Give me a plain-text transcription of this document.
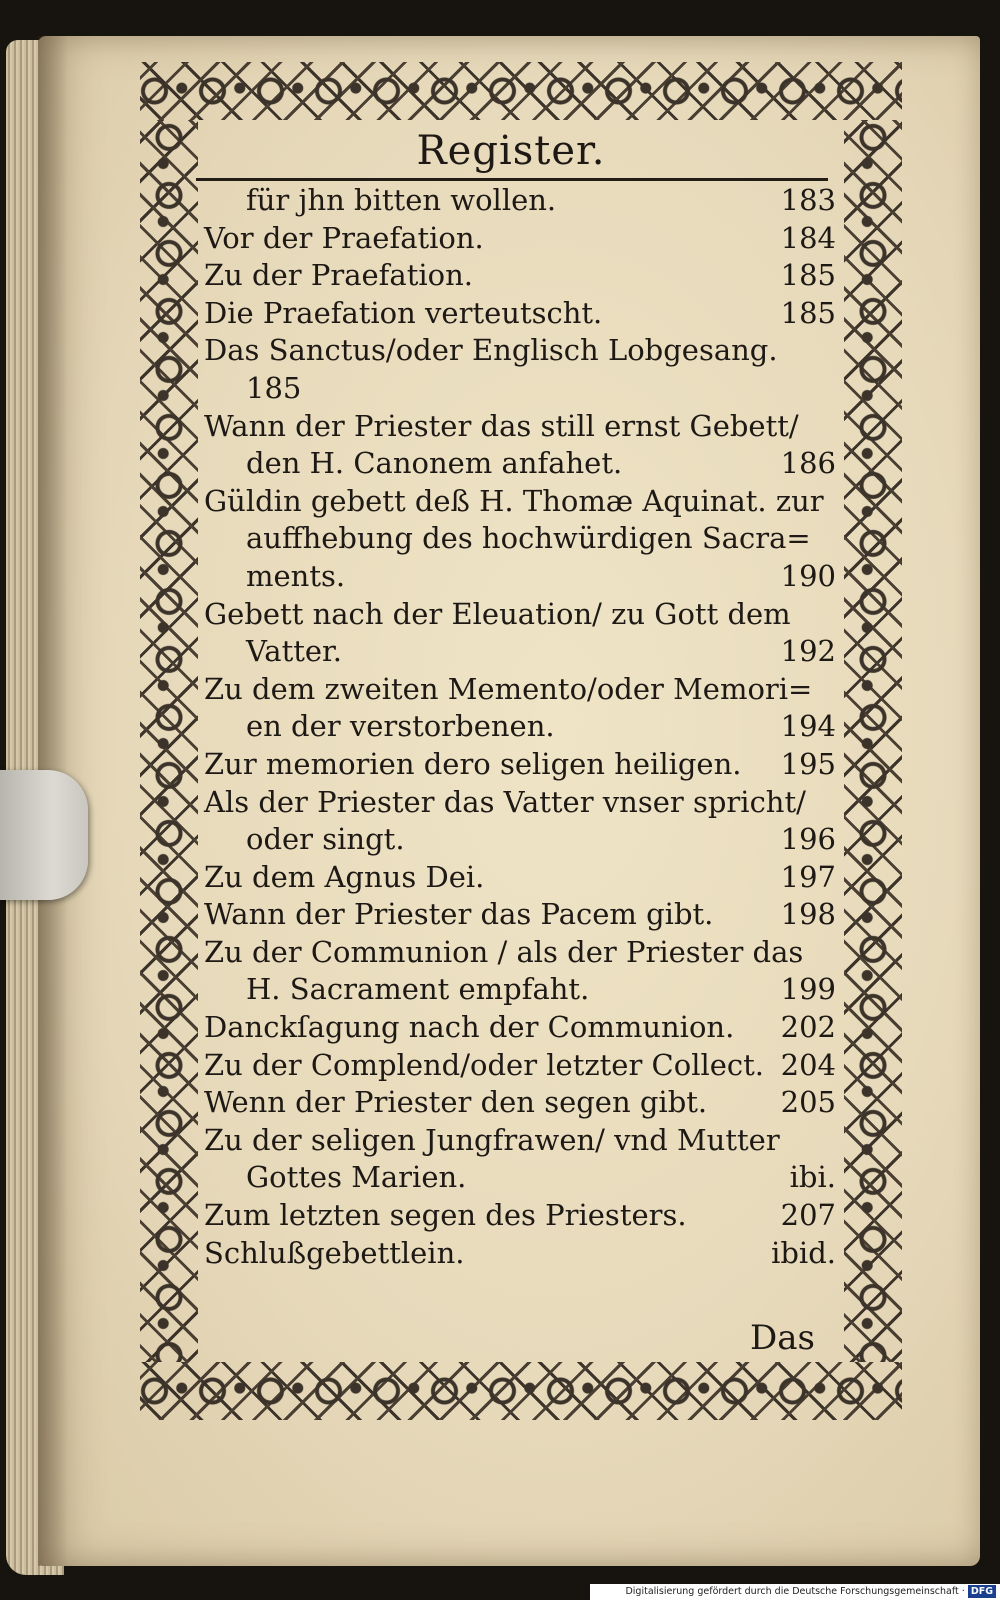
Register.
für jhn bitten wollen.	183
Vor der Praefation.	184
Zu der Praefation.	185
Die Praefation verteutscht.	185
Das Sanctus/oder Englisch Lobgesang.
185
Wann der Priester das still ernst Gebett/
den H. Canonem anfahet.	186
Güldin gebett deß H. Thomæ Aquinat. zur
auffhebung des hochwürdigen Sacra=
ments.	190
Gebett nach der Eleuation/ zu Gott dem
Vatter.	192
Zu dem zweiten Memento/oder Memori=
en der verstorbenen.	194
Zur memorien dero seligen heiligen. 195
Als der Priester das Vatter vnser spricht/
oder singt.	196
Zu dem Agnus Dei.	197
Wann der Priester das Pacem gibt. 198
Zu der Communion / als der Priester das
H. Sacrament empfaht.	199
Danckſagung nach der Communion. 202
Zu der Complend/oder letzter Collect. 204
Wenn der Priester den segen gibt.	205
Zu der seligen Jungfrawen/ vnd Mutter
Gottes Marien.	ibi.
Zum letzten segen des Priesters.	207
Schlußgebettlein.	ibid.
Das
Digitalisierung gefördert durch die Deutsche Forschungsgemeinschaft · DFG
